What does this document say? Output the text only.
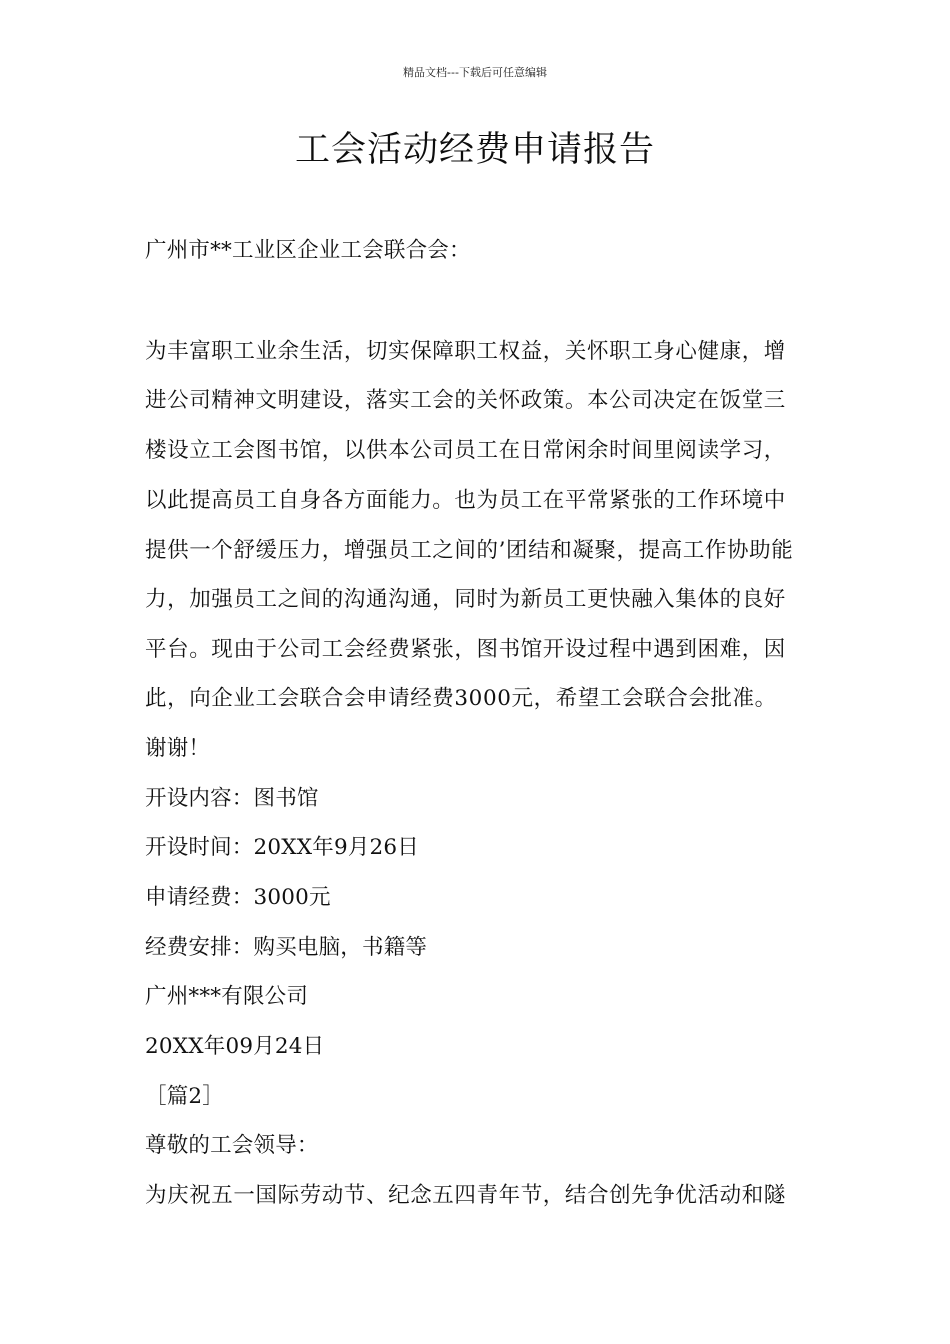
精品文档---下载后可任意编辑
工会活动经费申请报告
广州市**工业区企业工会联合会：
为丰富职工业余生活，切实保障职工权益，关怀职工身心健康，增
进公司精神文明建设，落实工会的关怀政策。本公司决定在饭堂三
楼设立工会图书馆，以供本公司员工在日常闲余时间里阅读学习，
以此提高员工自身各方面能力。也为员工在平常紧张的工作环境中
提供一个舒缓压力，增强员工之间的’团结和凝聚，提高工作协助能
力，加强员工之间的沟通沟通，同时为新员工更快融入集体的良好
平台。现由于公司工会经费紧张，图书馆开设过程中遇到困难，因
此，向企业工会联合会申请经费3000元，希望工会联合会批准。
谢谢！
开设内容：图书馆
开设时间：20XX年9月26日
申请经费：3000元
经费安排：购买电脑，书籍等
广州***有限公司
20XX年09月24日
［篇2］
尊敬的工会领导：
为庆祝五一国际劳动节、纪念五四青年节，结合创先争优活动和隧
